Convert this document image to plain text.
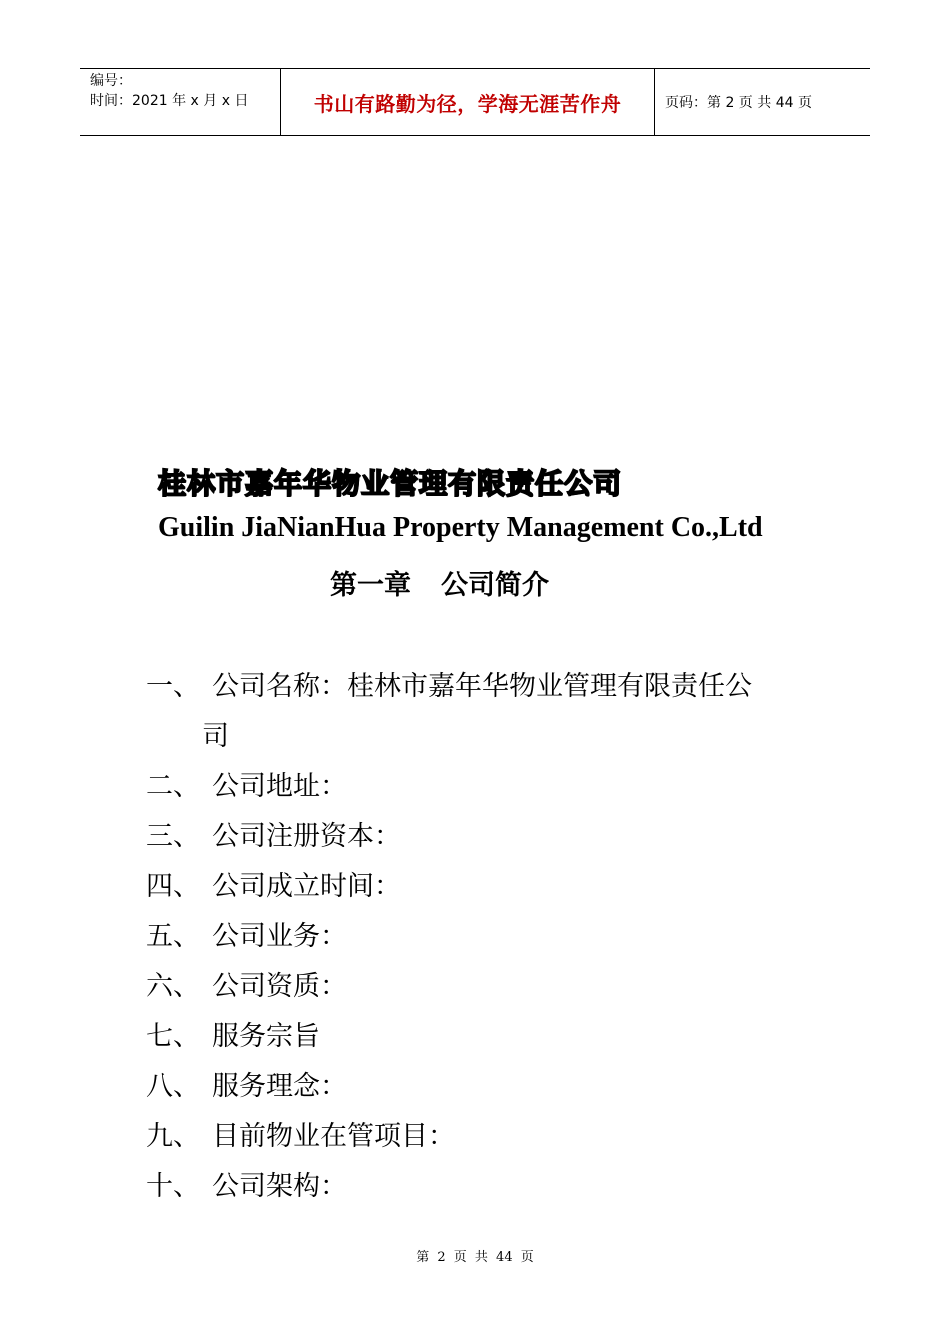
编号：
时间：2021 年 x 月 x 日	书山有路勤为径，学海无涯苦作舟	页码：第 2 页 共 44 页
桂林市嘉年华物业管理有限责任公司
Guilin JiaNianHua Property Management Co.,Ltd
第一章 公司简介
一、 公司名称：桂林市嘉年华物业管理有限责任公
司
二、 公司地址：
三、 公司注册资本：
四、 公司成立时间：
五、 公司业务：
六、 公司资质：
七、 服务宗旨
八、 服务理念：
九、 目前物业在管项目：
十、 公司架构：
第 2 页 共 44 页
